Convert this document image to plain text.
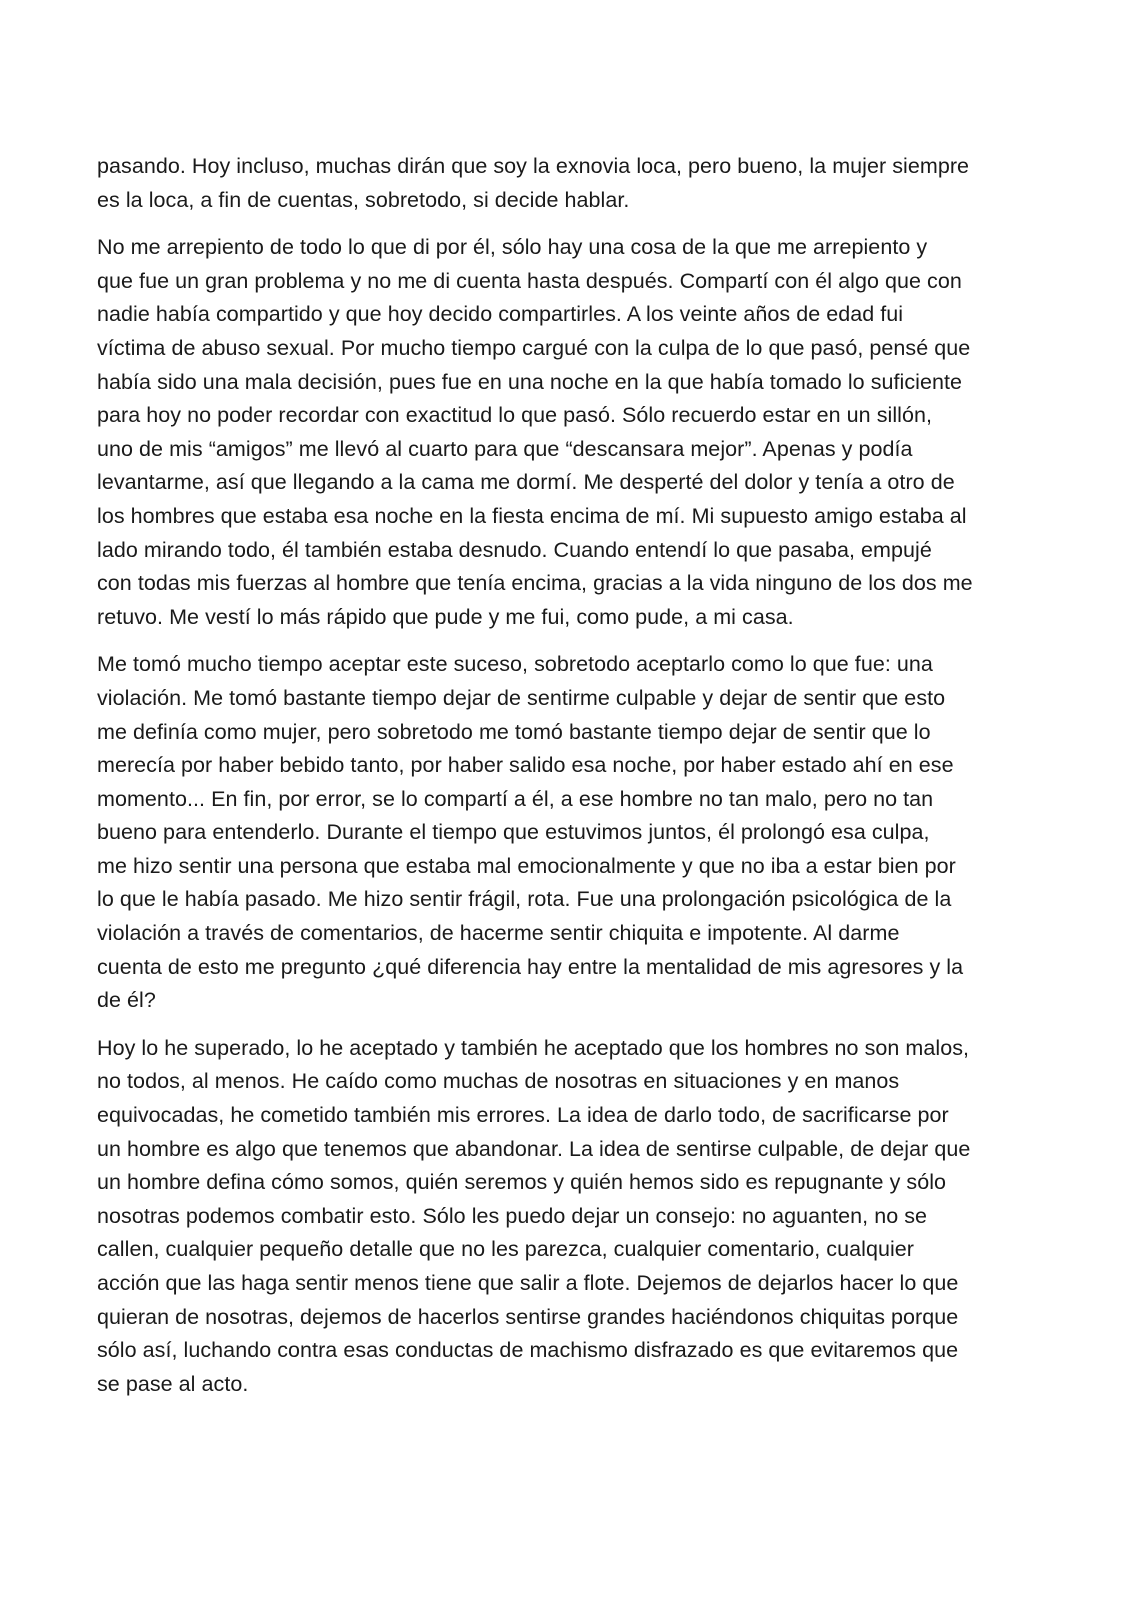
pasando. Hoy incluso, muchas dirán que soy la exnovia loca, pero bueno, la mujer siempre
es la loca, a fin de cuentas, sobretodo, si decide hablar.

No me arrepiento de todo lo que di por él, sólo hay una cosa de la que me arrepiento y
que fue un gran problema y no me di cuenta hasta después. Compartí con él algo que con
nadie había compartido y que hoy decido compartirles. A los veinte años de edad fui
víctima de abuso sexual. Por mucho tiempo cargué con la culpa de lo que pasó, pensé que
había sido una mala decisión, pues fue en una noche en la que había tomado lo suficiente
para hoy no poder recordar con exactitud lo que pasó. Sólo recuerdo estar en un sillón,
uno de mis “amigos” me llevó al cuarto para que “descansara mejor”. Apenas y podía
levantarme, así que llegando a la cama me dormí. Me desperté del dolor y tenía a otro de
los hombres que estaba esa noche en la fiesta encima de mí. Mi supuesto amigo estaba al
lado mirando todo, él también estaba desnudo. Cuando entendí lo que pasaba, empujé
con todas mis fuerzas al hombre que tenía encima, gracias a la vida ninguno de los dos me
retuvo. Me vestí lo más rápido que pude y me fui, como pude, a mi casa.

Me tomó mucho tiempo aceptar este suceso, sobretodo aceptarlo como lo que fue: una
violación. Me tomó bastante tiempo dejar de sentirme culpable y dejar de sentir que esto
me definía como mujer, pero sobretodo me tomó bastante tiempo dejar de sentir que lo
merecía por haber bebido tanto, por haber salido esa noche, por haber estado ahí en ese
momento... En fin, por error, se lo compartí a él, a ese hombre no tan malo, pero no tan
bueno para entenderlo. Durante el tiempo que estuvimos juntos, él prolongó esa culpa,
me hizo sentir una persona que estaba mal emocionalmente y que no iba a estar bien por
lo que le había pasado. Me hizo sentir frágil, rota. Fue una prolongación psicológica de la
violación a través de comentarios, de hacerme sentir chiquita e impotente. Al darme
cuenta de esto me pregunto ¿qué diferencia hay entre la mentalidad de mis agresores y la
de él?

Hoy lo he superado, lo he aceptado y también he aceptado que los hombres no son malos,
no todos, al menos. He caído como muchas de nosotras en situaciones y en manos
equivocadas, he cometido también mis errores. La idea de darlo todo, de sacrificarse por
un hombre es algo que tenemos que abandonar. La idea de sentirse culpable, de dejar que
un hombre defina cómo somos, quién seremos y quién hemos sido es repugnante y sólo
nosotras podemos combatir esto. Sólo les puedo dejar un consejo: no aguanten, no se
callen, cualquier pequeño detalle que no les parezca, cualquier comentario, cualquier
acción que las haga sentir menos tiene que salir a flote. Dejemos de dejarlos hacer lo que
quieran de nosotras, dejemos de hacerlos sentirse grandes haciéndonos chiquitas porque
sólo así, luchando contra esas conductas de machismo disfrazado es que evitaremos que
se pase al acto.
